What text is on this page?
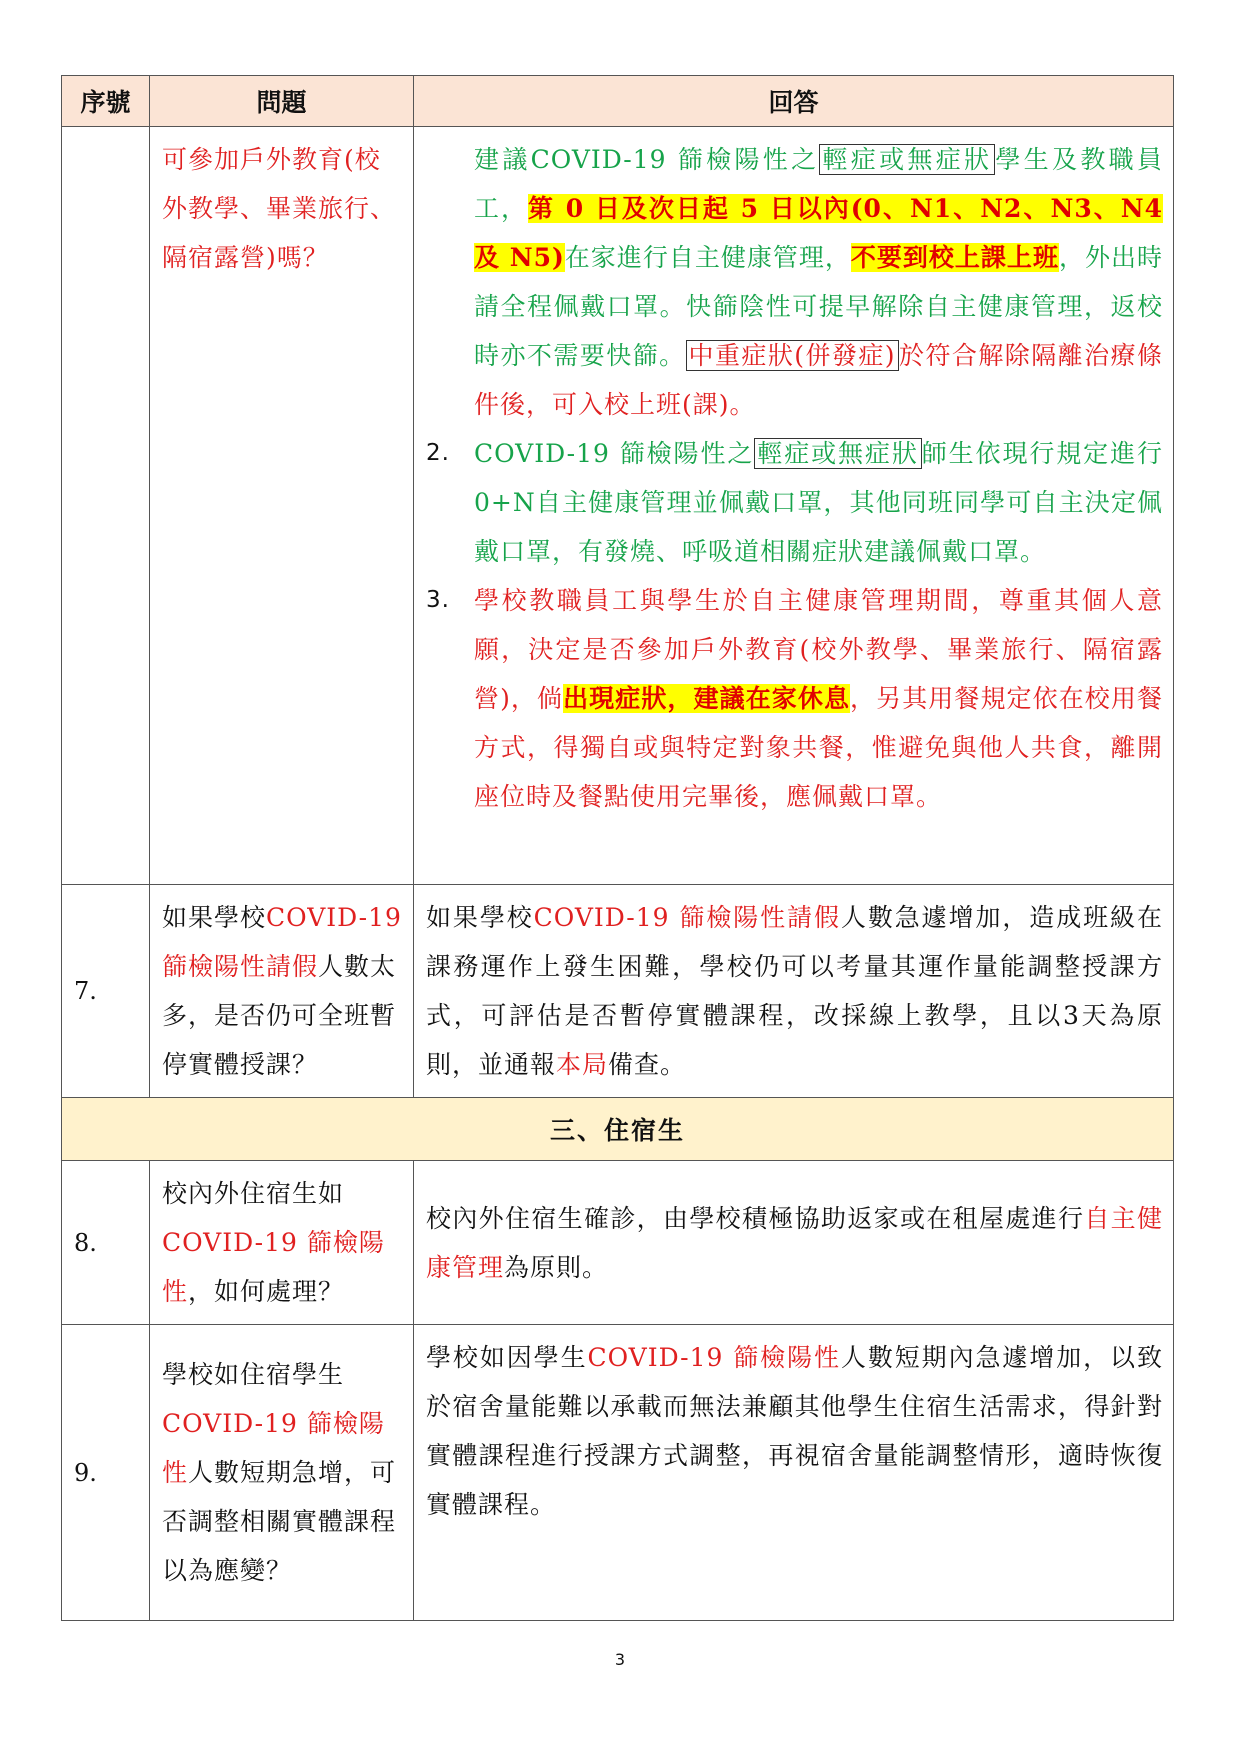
序號	問題	回答
	可參加戶外教育(校外教學、畢業旅行、隔宿露營)嗎？	建議COVID-19 篩檢陽性之 輕症或無症狀 學生及教職員工，第 0 日及次日起 5 日以內(0、N1、N2、N3、N4 及 N5)在家進行自主健康管理，不要到校上課上班，外出時請全程佩戴口罩。快篩陰性可提早解除自主健康管理，返校時亦不需要快篩。 中重症狀(併發症) 於符合解除隔離治療條件後，可入校上班(課)。
2. COVID-19 篩檢陽性之 輕症或無症狀 師生依現行規定進行0+N自主健康管理並佩戴口罩，其他同班同學可自主決定佩戴口罩，有發燒、呼吸道相關症狀建議佩戴口罩。
3. 學校教職員工與學生於自主健康管理期間，尊重其個人意願，決定是否參加戶外教育(校外教學、畢業旅行、隔宿露營)，倘出現症狀，建議在家休息，另其用餐規定依在校用餐方式，得獨自或與特定對象共餐，惟避免與他人共食，離開座位時及餐點使用完畢後，應佩戴口罩。

7.	如果學校COVID-19 篩檢陽性請假人數太多，是否仍可全班暫停實體授課？	如果學校COVID-19 篩檢陽性請假人數急遽增加，造成班級在課務運作上發生困難，學校仍可以考量其運作量能調整授課方式，可評估是否暫停實體課程，改採線上教學，且以3天為原則，並通報本局備查。
三、住宿生		
8.	校內外住宿生如COVID-19 篩檢陽性，如何處理？	校內外住宿生確診，由學校積極協助返家或在租屋處進行自主健康管理為原則。
9.	學校如住宿學生COVID-19 篩檢陽性人數短期急增，可否調整相關實體課程以為應變？	學校如因學生COVID-19 篩檢陽性人數短期內急遽增加，以致於宿舍量能難以承載而無法兼顧其他學生住宿生活需求，得針對實體課程進行授課方式調整，再視宿舍量能調整情形，適時恢復實體課程。
3
